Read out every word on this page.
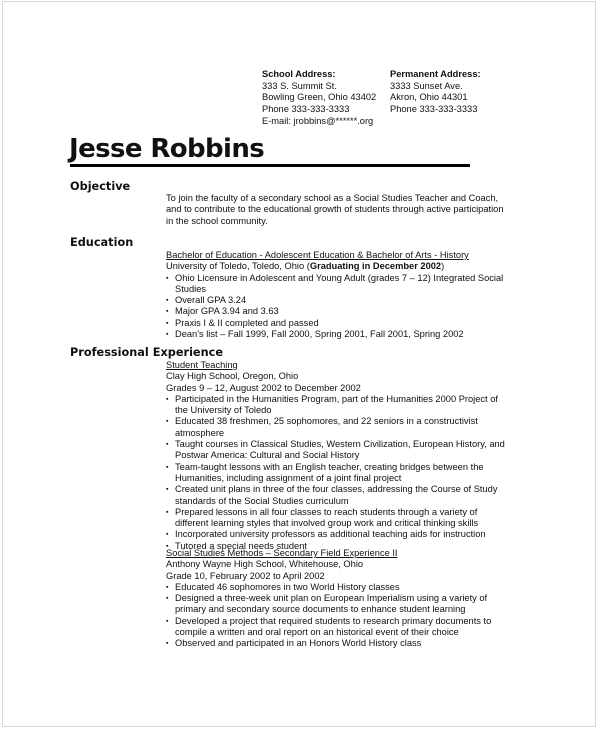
School Address:
333 S. Summit St.
Bowling Green, Ohio 43402
Phone 333-333-3333
E-mail: jrobbins@******.org
Permanent Address:
3333 Sunset Ave.
Akron, Ohio 44301
Phone 333-333-3333
Jesse Robbins
Objective
To join the faculty of a secondary school as a Social Studies Teacher and Coach, and to contribute to the educational growth of students through active participation in the school community.
Education

Bachelor of Education - Adolescent Education & Bachelor of Arts - History

University of Toledo, Toledo, Ohio (Graduating in December 2002)

▪ Ohio Licensure in Adolescent and Young Adult (grades 7 – 12) Integrated Social Studies
▪ Overall GPA 3.24
▪ Major GPA 3.94 and 3.63
▪ Praxis I & II completed and passed
▪ Dean's list – Fall 1999, Fall 2000, Spring 2001, Fall 2001, Spring 2002
Professional Experience

Student Teaching

Clay High School, Oregon, Ohio

Grades 9 – 12, August 2002 to December 2002

▪ Participated in the Humanities Program, part of the Humanities 2000 Project of the University of Toledo
▪ Educated 38 freshmen, 25 sophomores, and 22 seniors in a constructivist atmosphere
▪ Taught courses in Classical Studies, Western Civilization, European History, and Postwar America: Cultural and Social History
▪ Team-taught lessons with an English teacher, creating bridges between the Humanities, including assignment of a joint final project
▪ Created unit plans in three of the four classes, addressing the Course of Study standards of the Social Studies curriculum
▪ Prepared lessons in all four classes to reach students through a variety of different learning styles that involved group work and critical thinking skills
▪ Incorporated university professors as additional teaching aids for instruction
▪ Tutored a special needs student

Social Studies Methods – Secondary Field Experience II

Anthony Wayne High School, Whitehouse, Ohio

Grade 10, February 2002 to April 2002

▪ Educated 46 sophomores in two World History classes
▪ Designed a three-week unit plan on European Imperialism using a variety of primary and secondary source documents to enhance student learning
▪ Developed a project that required students to research primary documents to compile a written and oral report on an historical event of their choice
▪ Observed and participated in an Honors World History class
